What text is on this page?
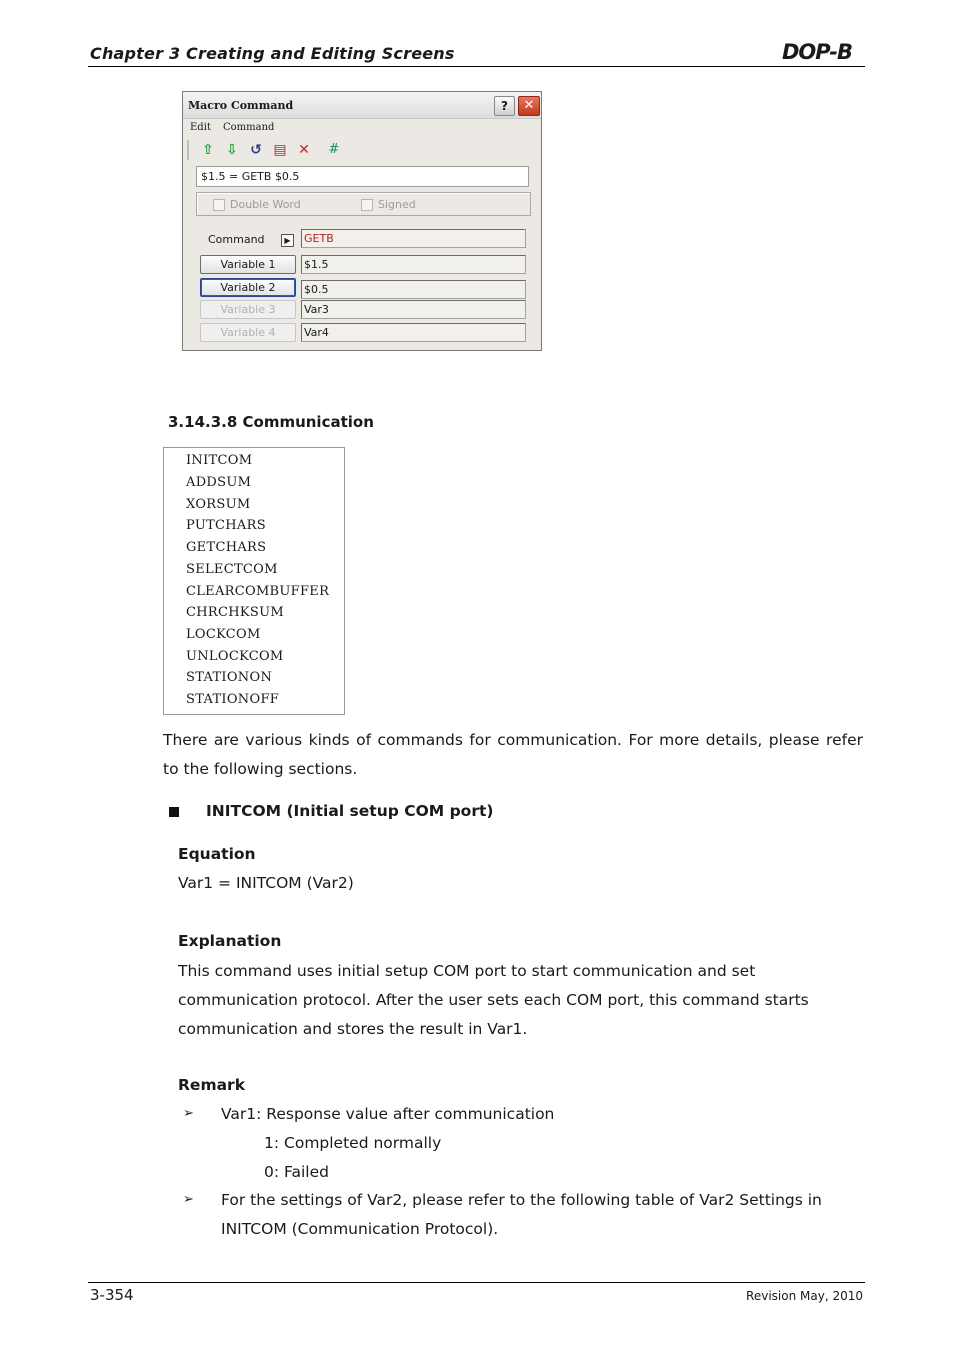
Chapter 3 Creating and Editing Screens	DOP-B
Macro Command	?	✕
Edit Command
⇧ ⇩ ↺ ▤ ✕ #
$1.5 = GETB $0.5
Double Word	Signed
Command	▶	GETB
Variable 1	$1.5
Variable 2	$0.5
Variable 3	Var3
Variable 4	Var4
3.14.3.8 Communication
INITCOM
ADDSUM
XORSUM
PUTCHARS
GETCHARS
SELECTCOM
CLEARCOMBUFFER
CHRCHKSUM
LOCKCOM
UNLOCKCOM
STATIONON
STATIONOFF
There are various kinds of commands for communication. For more details, please refer to the following sections.
INITCOM (Initial setup COM port)
Equation
Var1 = INITCOM (Var2)
Explanation
This command uses initial setup COM port to start communication and set communication protocol. After the user sets each COM port, this command starts communication and stores the result in Var1.
Remark
➢ Var1: Response value after communication
1: Completed normally
0: Failed
➢ For the settings of Var2, please refer to the following table of Var2 Settings in INITCOM (Communication Protocol).
3-354	Revision May, 2010
